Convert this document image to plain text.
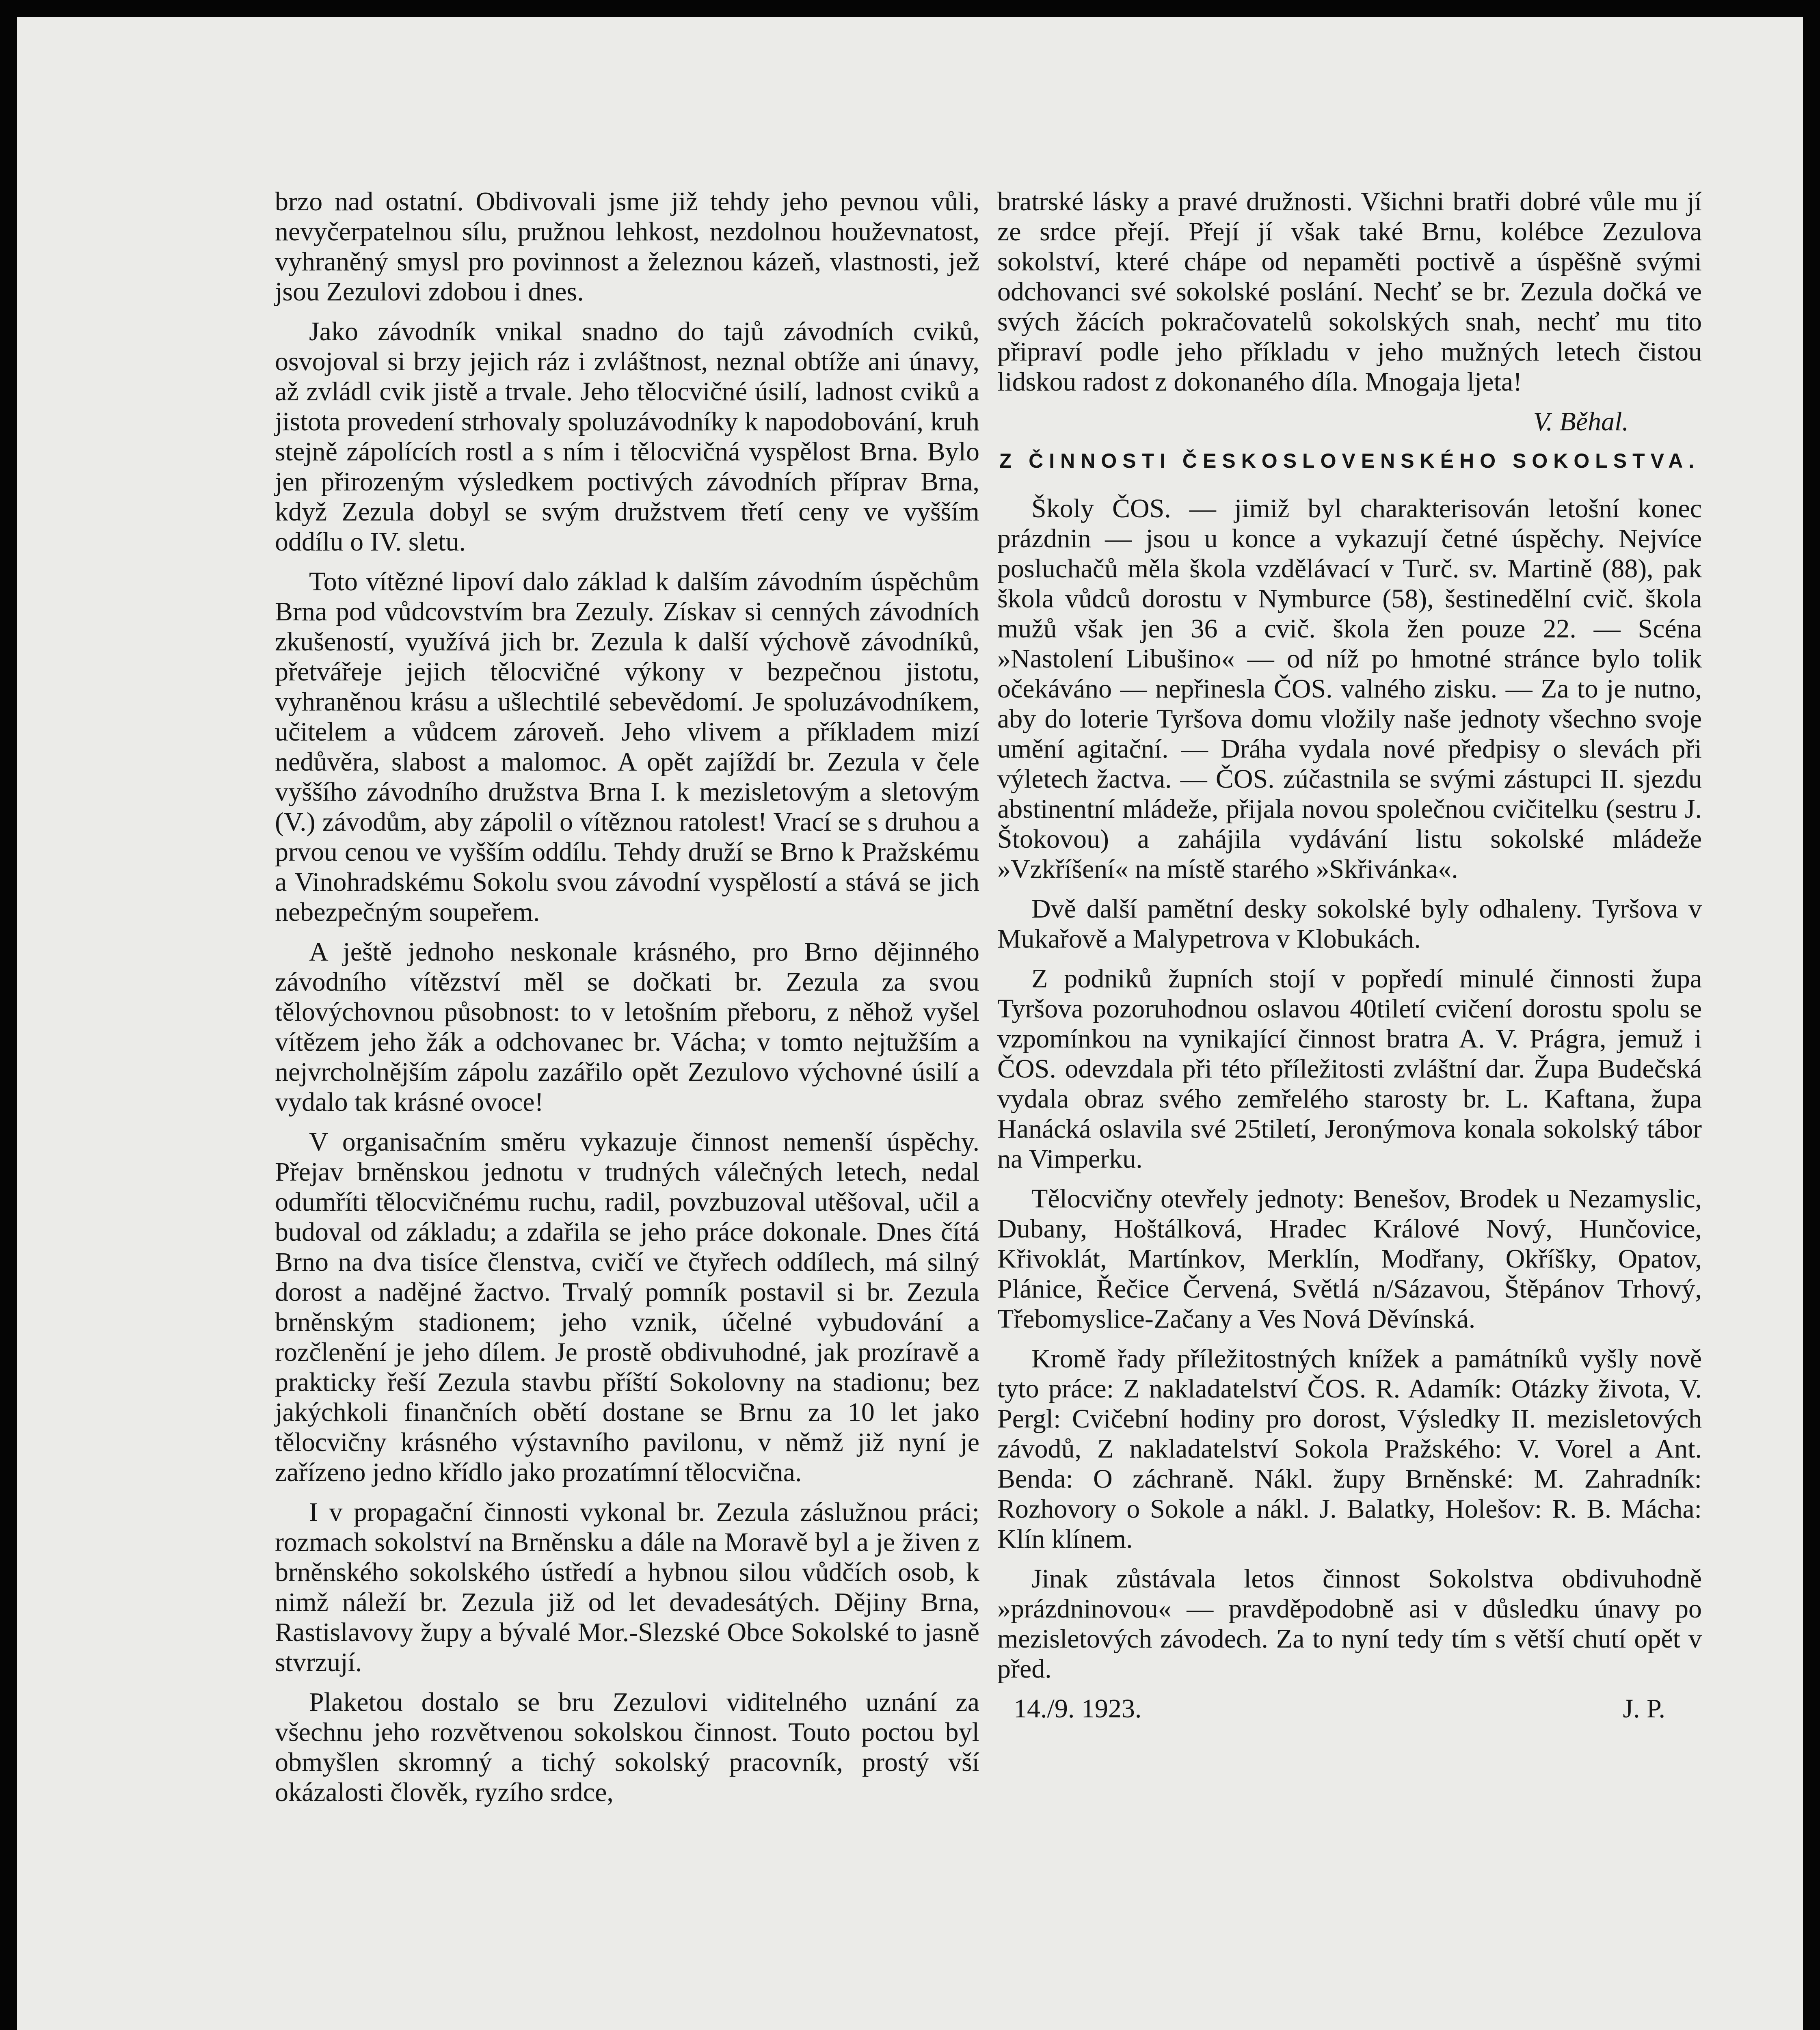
brzo nad ostatní. Obdivovali jsme již tehdy jeho pevnou vůli, nevyčerpatelnou sílu, pružnou lehkost, nezdolnou houževnatost, vyhraněný smysl pro povinnost a železnou kázeň, vlastnosti, jež jsou Zezulovi zdobou i dnes.

Jako závodník vnikal snadno do tajů závodních cviků, osvojoval si brzy jejich ráz i zvláštnost, neznal obtíže ani únavy, až zvládl cvik jistě a trvale. Jeho tělocvičné úsilí, ladnost cviků a jistota provedení strhovaly spoluzávodníky k napodobování, kruh stejně zápolících rostl a s ním i tělocvičná vyspělost Brna. Bylo jen přirozeným výsledkem poctivých závodních příprav Brna, když Zezula dobyl se svým družstvem třetí ceny ve vyšším oddílu o IV. sletu.

Toto vítězné lipoví dalo základ k dalším závodním úspěchům Brna pod vůdcovstvím bra Zezuly. Získav si cenných závodních zkušeností, využívá jich br. Zezula k další výchově závodníků, přetvářeje jejich tělocvičné výkony v bezpečnou jistotu, vyhraněnou krásu a ušlechtilé sebevědomí. Je spoluzávodníkem, učitelem a vůdcem zároveň. Jeho vlivem a příkladem mizí nedůvěra, slabost a malomoc. A opět zajíždí br. Zezula v čele vyššího závodního družstva Brna I. k mezisletovým a sletovým (V.) závodům, aby zápolil o vítěznou ratolest! Vrací se s druhou a prvou cenou ve vyšším oddílu. Tehdy druží se Brno k Pražskému a Vinohradskému Sokolu svou závodní vyspělostí a stává se jich nebezpečným soupeřem.

A ještě jednoho neskonale krásného, pro Brno dějinného závodního vítězství měl se dočkati br. Zezula za svou tělovýchovnou působnost: to v letošním přeboru, z něhož vyšel vítězem jeho žák a odchovanec br. Vácha; v tomto nejtužším a nejvrcholnějším zápolu zazářilo opět Zezulovo výchovné úsilí a vydalo tak krásné ovoce!

V organisačním směru vykazuje činnost nemenší úspěchy. Přejav brněnskou jednotu v trudných válečných letech, nedal odumříti tělocvičnému ruchu, radil, povzbuzoval utěšoval, učil a budoval od základu; a zdařila se jeho práce dokonale. Dnes čítá Brno na dva tisíce členstva, cvičí ve čtyřech oddílech, má silný dorost a nadějné žactvo. Trvalý pomník postavil si br. Zezula brněnským stadionem; jeho vznik, účelné vybudování a rozčlenění je jeho dílem. Je prostě obdivuhodné, jak prozíravě a prakticky řeší Zezula stavbu příští Sokolovny na stadionu; bez jakýchkoli finančních obětí dostane se Brnu za 10 let jako tělocvičny krásného výstavního pavilonu, v němž již nyní je zařízeno jedno křídlo jako prozatímní tělocvična.

I v propagační činnosti vykonal br. Zezula záslužnou práci; rozmach sokolství na Brněnsku a dále na Moravě byl a je živen z brněnského sokolského ústředí a hybnou silou vůdčích osob, k nimž náleží br. Zezula již od let devadesátých. Dějiny Brna, Rastislavovy župy a bývalé Mor.-Slezské Obce Sokolské to jasně stvrzují.

Plaketou dostalo se bru Zezulovi viditelného uznání za všechnu jeho rozvětvenou sokolskou činnost. Touto poctou byl obmyšlen skromný a tichý sokolský pracovník, prostý vší okázalosti člověk, ryzího srdce,

bratrské lásky a pravé družnosti. Všichni bratři dobré vůle mu jí ze srdce přejí. Přejí jí však také Brnu, kolébce Zezulova sokolství, které chápe od nepaměti poctivě a úspěšně svými odchovanci své sokolské poslání. Nechť se br. Zezula dočká ve svých žácích pokračovatelů sokolských snah, nechť mu tito připraví podle jeho příkladu v jeho mužných letech čistou lidskou radost z dokonaného díla. Mnogaja ljeta!

V. Běhal.

Z ČINNOSTI ČESKOSLOVENSKÉHO SOKOLSTVA.

Školy ČOS. — jimiž byl charakterisován letošní konec prázdnin — jsou u konce a vykazují četné úspěchy. Nejvíce posluchačů měla škola vzdělávací v Turč. sv. Martině (88), pak škola vůdců dorostu v Nymburce (58), šestinedělní cvič. škola mužů však jen 36 a cvič. škola žen pouze 22. — Scéna »Nastolení Libušino« — od níž po hmotné stránce bylo tolik očekáváno — nepřinesla ČOS. valného zisku. — Za to je nutno, aby do loterie Tyršova domu vložily naše jednoty všechno svoje umění agitační. — Dráha vydala nové předpisy o slevách při výletech žactva. — ČOS. zúčastnila se svými zástupci II. sjezdu abstinentní mládeže, přijala novou společnou cvičitelku (sestru J. Štokovou) a zahájila vydávání listu sokolské mládeže »Vzkříšení« na místě starého »Skřivánka«.

Dvě další pamětní desky sokolské byly odhaleny. Tyršova v Mukařově a Malypetrova v Klobukách.

Z podniků župních stojí v popředí minulé činnosti župa Tyršova pozoruhodnou oslavou 40tiletí cvičení dorostu spolu se vzpomínkou na vynikající činnost bratra A. V. Prágra, jemuž i ČOS. odevzdala při této příležitosti zvláštní dar. Župa Budečská vydala obraz svého zemřelého starosty br. L. Kaftana, župa Hanácká oslavila své 25tiletí, Jeronýmova konala sokolský tábor na Vimperku.

Tělocvičny otevřely jednoty: Benešov, Brodek u Nezamyslic, Dubany, Hoštálková, Hradec Králové Nový, Hunčovice, Křivoklát, Martínkov, Merklín, Modřany, Okříšky, Opatov, Plánice, Řečice Červená, Světlá n/Sázavou, Štěpánov Trhový, Třebomyslice-Začany a Ves Nová Děvínská.

Kromě řady příležitostných knížek a památníků vyšly nově tyto práce: Z nakladatelství ČOS. R. Adamík: Otázky života, V. Pergl: Cvičební hodiny pro dorost, Výsledky II. mezisletových závodů, Z nakladatelství Sokola Pražského: V. Vorel a Ant. Benda: O záchraně. Nákl. župy Brněnské: M. Zahradník: Rozhovory o Sokole a nákl. J. Balatky, Holešov: R. B. Mácha: Klín klínem.

Jinak zůstávala letos činnost Sokolstva obdivuhodně »prázdninovou« — pravděpodobně asi v důsledku únavy po mezisletových závodech. Za to nyní tedy tím s větší chutí opět v před.

14./9. 1923.	J. P.
